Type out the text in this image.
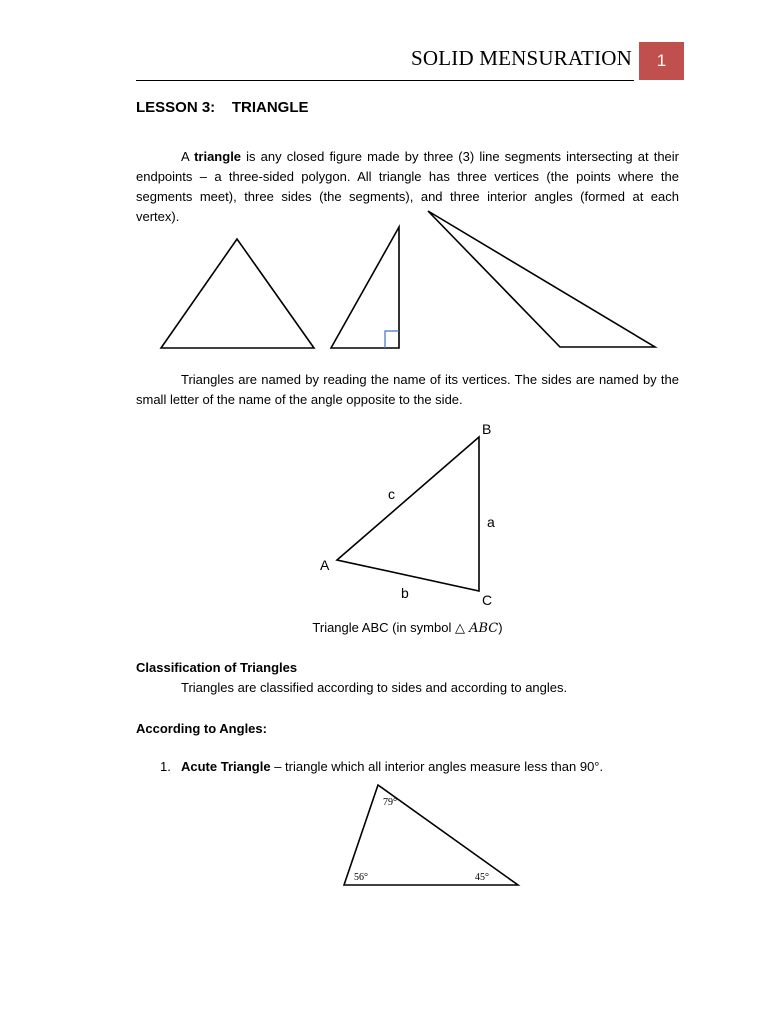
SOLID MENSURATION 1
LESSON 3: TRIANGLE
A triangle is any closed figure made by three (3) line segments intersecting at their endpoints – a three-sided polygon. All triangle has three vertices (the points where the segments meet), three sides (the segments), and three interior angles (formed at each vertex).
A
B
C
a
b
c
79°
56°	45°
Triangles are named by reading the name of its vertices. The sides are named by the small letter of the name of the angle opposite to the side.
Triangle ABC (in symbol △ ABC)
Classification of Triangles
Triangles are classified according to sides and according to angles.
According to Angles:
1. Acute Triangle – triangle which all interior angles measure less than 90°.
